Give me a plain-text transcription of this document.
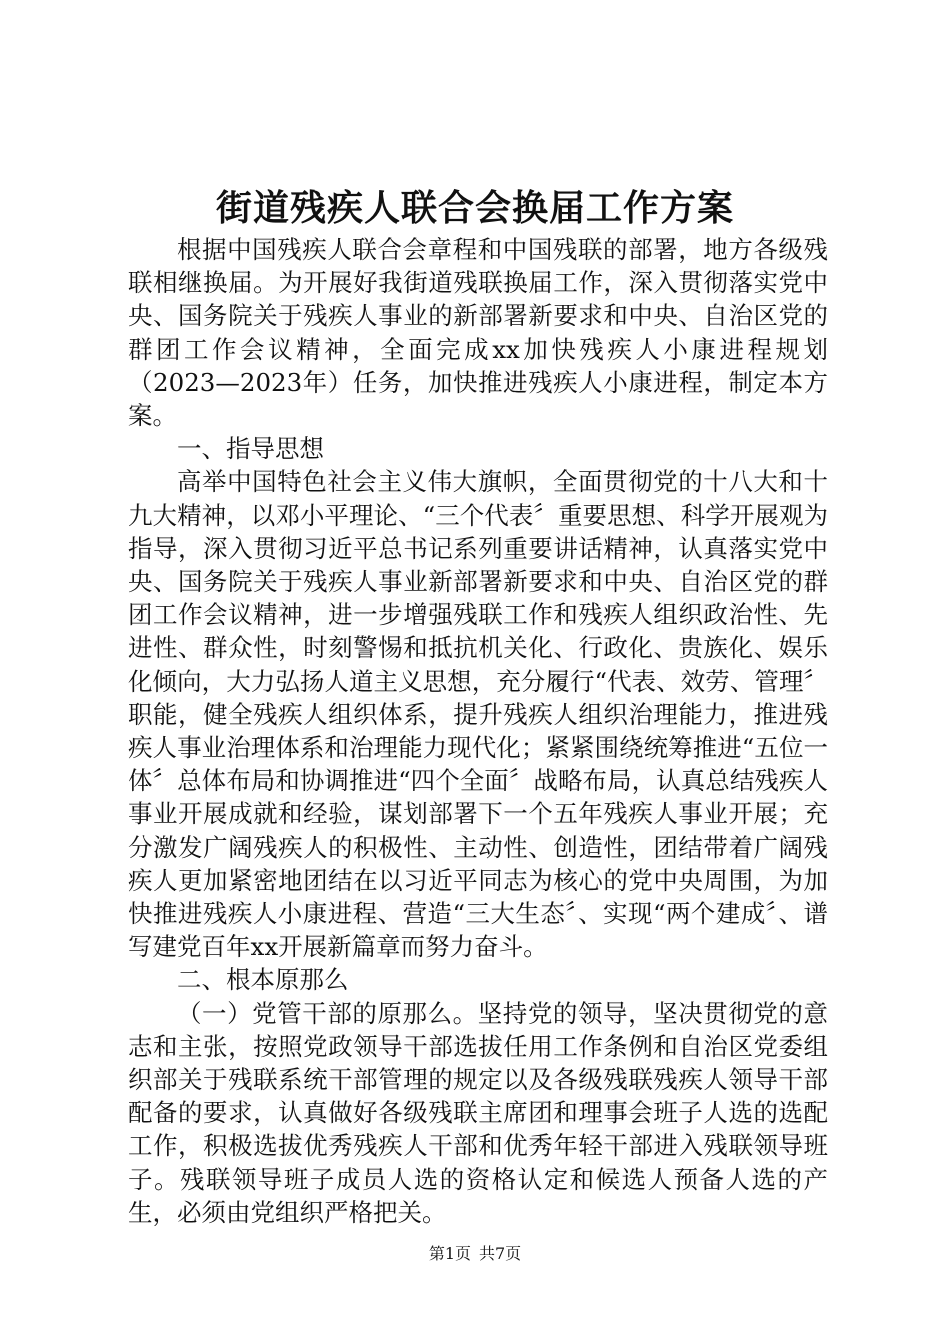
街道残疾人联合会换届工作方案

根据中国残疾人联合会章程和中国残联的部署，地方各级残联相继换届。为开展好我街道残联换届工作，深入贯彻落实党中央、国务院关于残疾人事业的新部署新要求和中央、自治区党的群团工作会议精神，全面完成xx加快残疾人小康进程规划（2023—2023年）任务，加快推进残疾人小康进程，制定本方案。

一、指导思想

高举中国特色社会主义伟大旗帜，全面贯彻党的十八大和十九大精神，以邓小平理论、“三个代表〞重要思想、科学开展观为指导，深入贯彻习近平总书记系列重要讲话精神，认真落实党中央、国务院关于残疾人事业新部署新要求和中央、自治区党的群团工作会议精神，进一步增强残联工作和残疾人组织政治性、先进性、群众性，时刻警惕和抵抗机关化、行政化、贵族化、娱乐化倾向，大力弘扬人道主义思想，充分履行“代表、效劳、管理〞职能，健全残疾人组织体系，提升残疾人组织治理能力，推进残疾人事业治理体系和治理能力现代化；紧紧围绕统筹推进“五位一体〞总体布局和协调推进“四个全面〞战略布局，认真总结残疾人事业开展成就和经验，谋划部署下一个五年残疾人事业开展；充分激发广阔残疾人的积极性、主动性、创造性，团结带着广阔残疾人更加紧密地团结在以习近平同志为核心的党中央周围，为加快推进残疾人小康进程、营造“三大生态〞、实现“两个建成〞、谱写建党百年xx开展新篇章而努力奋斗。

二、根本原那么

（一）党管干部的原那么。坚持党的领导，坚决贯彻党的意志和主张，按照党政领导干部选拔任用工作条例和自治区党委组织部关于残联系统干部管理的规定以及各级残联残疾人领导干部配备的要求，认真做好各级残联主席团和理事会班子人选的选配工作，积极选拔优秀残疾人干部和优秀年轻干部进入残联领导班子。残联领导班子成员人选的资格认定和候选人预备人选的产生，必须由党组织严格把关。

第1页 共7页
